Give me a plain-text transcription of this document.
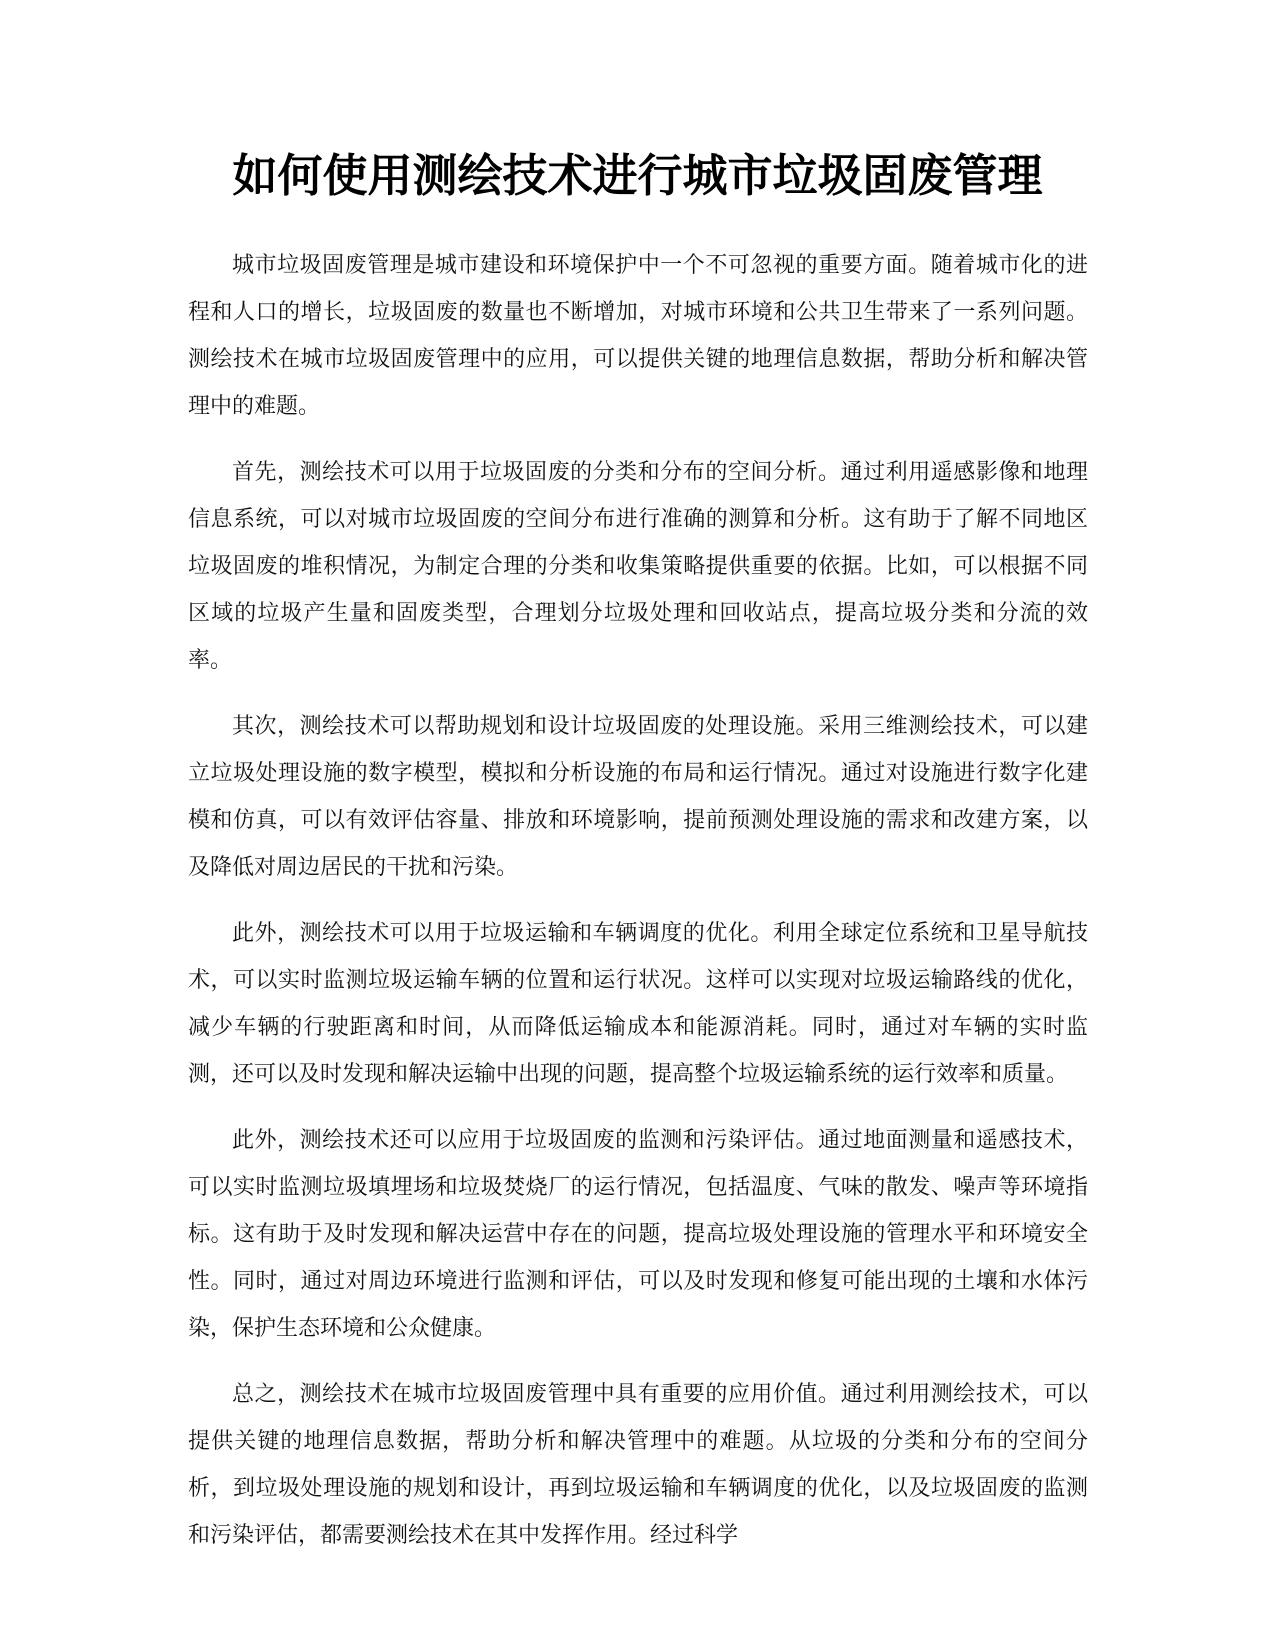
如何使用测绘技术进行城市垃圾固废管理

城市垃圾固废管理是城市建设和环境保护中一个不可忽视的重要方面。随着城市化的进程和人口的增长，垃圾固废的数量也不断增加，对城市环境和公共卫生带来了一系列问题。测绘技术在城市垃圾固废管理中的应用，可以提供关键的地理信息数据，帮助分析和解决管理中的难题。

首先，测绘技术可以用于垃圾固废的分类和分布的空间分析。通过利用遥感影像和地理信息系统，可以对城市垃圾固废的空间分布进行准确的测算和分析。这有助于了解不同地区垃圾固废的堆积情况，为制定合理的分类和收集策略提供重要的依据。比如，可以根据不同区域的垃圾产生量和固废类型，合理划分垃圾处理和回收站点，提高垃圾分类和分流的效率。

其次，测绘技术可以帮助规划和设计垃圾固废的处理设施。采用三维测绘技术，可以建立垃圾处理设施的数字模型，模拟和分析设施的布局和运行情况。通过对设施进行数字化建模和仿真，可以有效评估容量、排放和环境影响，提前预测处理设施的需求和改建方案，以及降低对周边居民的干扰和污染。

此外，测绘技术可以用于垃圾运输和车辆调度的优化。利用全球定位系统和卫星导航技术，可以实时监测垃圾运输车辆的位置和运行状况。这样可以实现对垃圾运输路线的优化，减少车辆的行驶距离和时间，从而降低运输成本和能源消耗。同时，通过对车辆的实时监测，还可以及时发现和解决运输中出现的问题，提高整个垃圾运输系统的运行效率和质量。

此外，测绘技术还可以应用于垃圾固废的监测和污染评估。通过地面测量和遥感技术，可以实时监测垃圾填埋场和垃圾焚烧厂的运行情况，包括温度、气味的散发、噪声等环境指标。这有助于及时发现和解决运营中存在的问题，提高垃圾处理设施的管理水平和环境安全性。同时，通过对周边环境进行监测和评估，可以及时发现和修复可能出现的土壤和水体污染，保护生态环境和公众健康。

总之，测绘技术在城市垃圾固废管理中具有重要的应用价值。通过利用测绘技术，可以提供关键的地理信息数据，帮助分析和解决管理中的难题。从垃圾的分类和分布的空间分析，到垃圾处理设施的规划和设计，再到垃圾运输和车辆调度的优化，以及垃圾固废的监测和污染评估，都需要测绘技术在其中发挥作用。经过科学
